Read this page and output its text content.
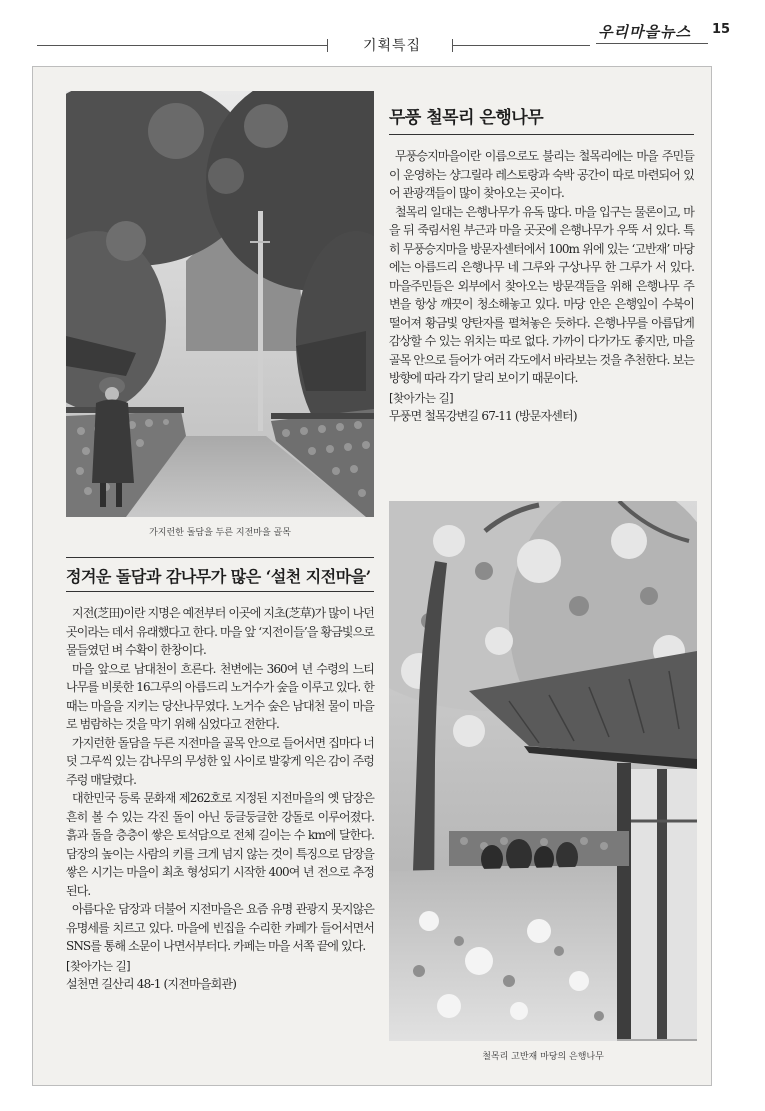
기획특집
우리마을뉴스 15
가지런한 돌담을 두른 지전마을 골목
무풍 철목리 은행나무

무풍승지마을이란 이름으로도 불리는 철목리에는 마을 주민들이 운영하는 샹그릴라 레스토랑과 숙박 공간이 따로 마련되어 있어 관광객들이 많이 찾아오는 곳이다.

철목리 일대는 은행나무가 유독 많다. 마을 입구는 물론이고, 마을 뒤 죽림서원 부근과 마을 곳곳에 은행나무가 우뚝 서 있다. 특히 무풍승지마을 방문자센터에서 100m 위에 있는 ‘고반재’ 마당에는 아름드리 은행나무 네 그루와 구상나무 한 그루가 서 있다. 마을주민들은 외부에서 찾아오는 방문객들을 위해 은행나무 주변을 항상 깨끗이 청소해놓고 있다. 마당 안은 은행잎이 수북이 떨어져 황금빛 양탄자를 펼쳐놓은 듯하다. 은행나무를 아름답게 감상할 수 있는 위치는 따로 없다. 가까이 다가가도 좋지만, 마을 골목 안으로 들어가 여러 각도에서 바라보는 것을 추천한다. 보는 방향에 따라 각기 달리 보이기 때문이다.

[찾아가는 길]

무풍면 철목강변길 67-11 (방문자센터)

철목리 고반재 마당의 은행나무
정겨운 돌담과 감나무가 많은 ‘설천 지전마을’

지전(芝田)이란 지명은 예전부터 이곳에 지초(芝草)가 많이 나던 곳이라는 데서 유래했다고 한다. 마을 앞 ‘지전이들’을 황금빛으로 물들였던 벼 수확이 한창이다.

마을 앞으로 남대천이 흐른다. 천변에는 360여 년 수령의 느티나무를 비롯한 16그루의 아름드리 노거수가 숲을 이루고 있다. 한때는 마을을 지키는 당산나무였다. 노거수 숲은 남대천 물이 마을로 범람하는 것을 막기 위해 심었다고 전한다.

가지런한 돌담을 두른 지전마을 골목 안으로 들어서면 집마다 너덧 그루씩 있는 감나무의 무성한 잎 사이로 발갛게 익은 감이 주렁주렁 매달렸다.

대한민국 등록 문화재 제262호로 지정된 지전마을의 옛 담장은 흔히 볼 수 있는 각진 돌이 아닌 둥글둥글한 강돌로 이루어졌다. 흙과 돌을 층층이 쌓은 토석담으로 전체 길이는 수 km에 달한다. 담장의 높이는 사람의 키를 크게 넘지 않는 것이 특징으로 담장을 쌓은 시기는 마을이 최초 형성되기 시작한 400여 년 전으로 추정된다.

아름다운 담장과 더불어 지전마을은 요즘 유명 관광지 못지않은 유명세를 치르고 있다. 마을에 빈집을 수리한 카페가 들어서면서 SNS를 통해 소문이 나면서부터다. 카페는 마을 서쪽 끝에 있다.

[찾아가는 길]

설천면 길산리 48-1 (지전마을회관)
